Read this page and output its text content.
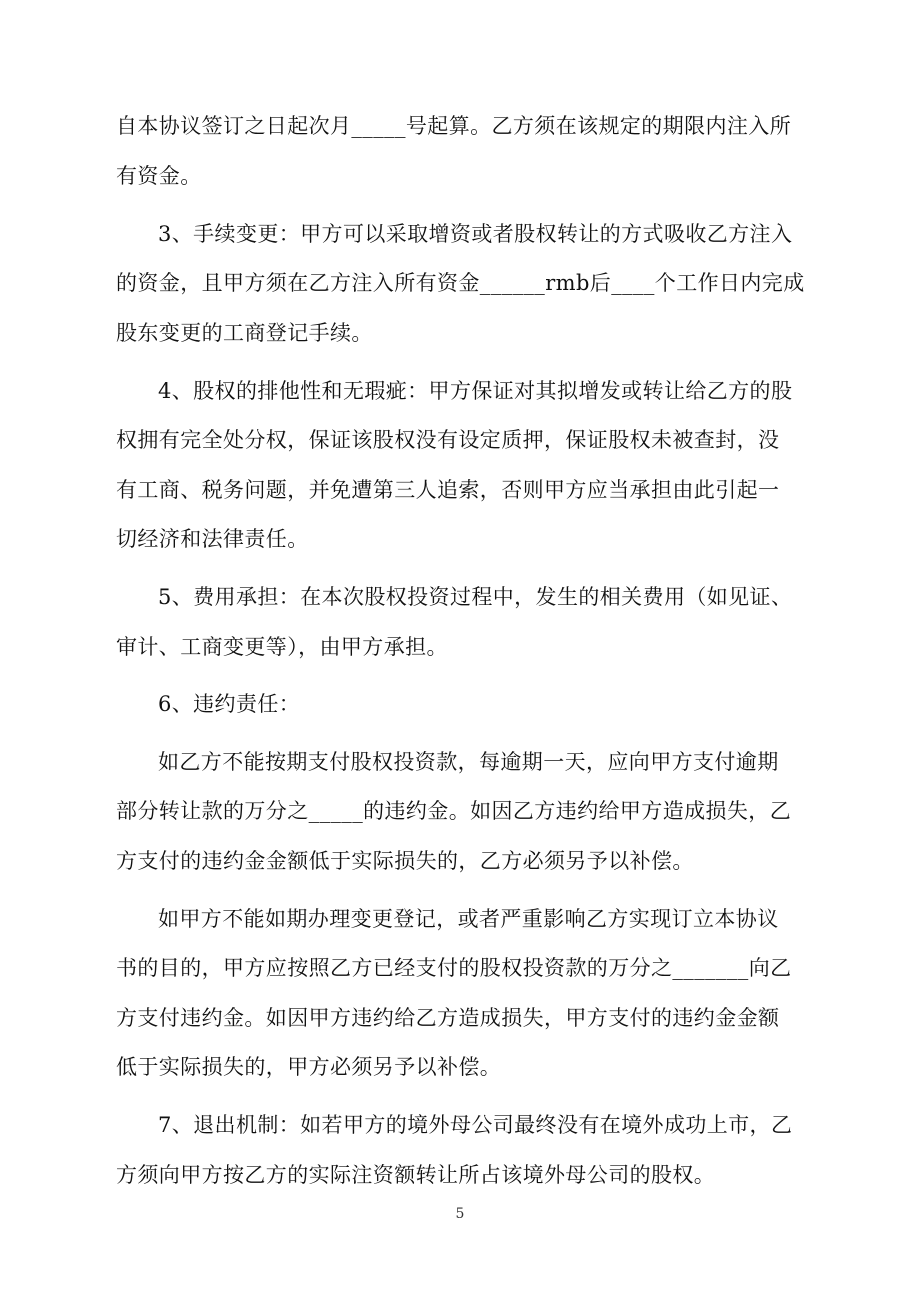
自本协议签订之日起次月_____号起算。乙方须在该规定的期限内注入所
有资金。
3、手续变更：甲方可以采取增资或者股权转让的方式吸收乙方注入
的资金，且甲方须在乙方注入所有资金______rmb后____个工作日内完成
股东变更的工商登记手续。
4、股权的排他性和无瑕疵：甲方保证对其拟增发或转让给乙方的股
权拥有完全处分权，保证该股权没有设定质押，保证股权未被查封，没
有工商、税务问题，并免遭第三人追索，否则甲方应当承担由此引起一
切经济和法律责任。
5、费用承担：在本次股权投资过程中，发生的相关费用（如见证、
审计、工商变更等），由甲方承担。
6、违约责任：
如乙方不能按期支付股权投资款，每逾期一天，应向甲方支付逾期
部分转让款的万分之_____的违约金。如因乙方违约给甲方造成损失，乙
方支付的违约金金额低于实际损失的，乙方必须另予以补偿。
如甲方不能如期办理变更登记，或者严重影响乙方实现订立本协议
书的目的，甲方应按照乙方已经支付的股权投资款的万分之_______向乙
方支付违约金。如因甲方违约给乙方造成损失，甲方支付的违约金金额
低于实际损失的，甲方必须另予以补偿。
7、退出机制：如若甲方的境外母公司最终没有在境外成功上市，乙
方须向甲方按乙方的实际注资额转让所占该境外母公司的股权。
5
